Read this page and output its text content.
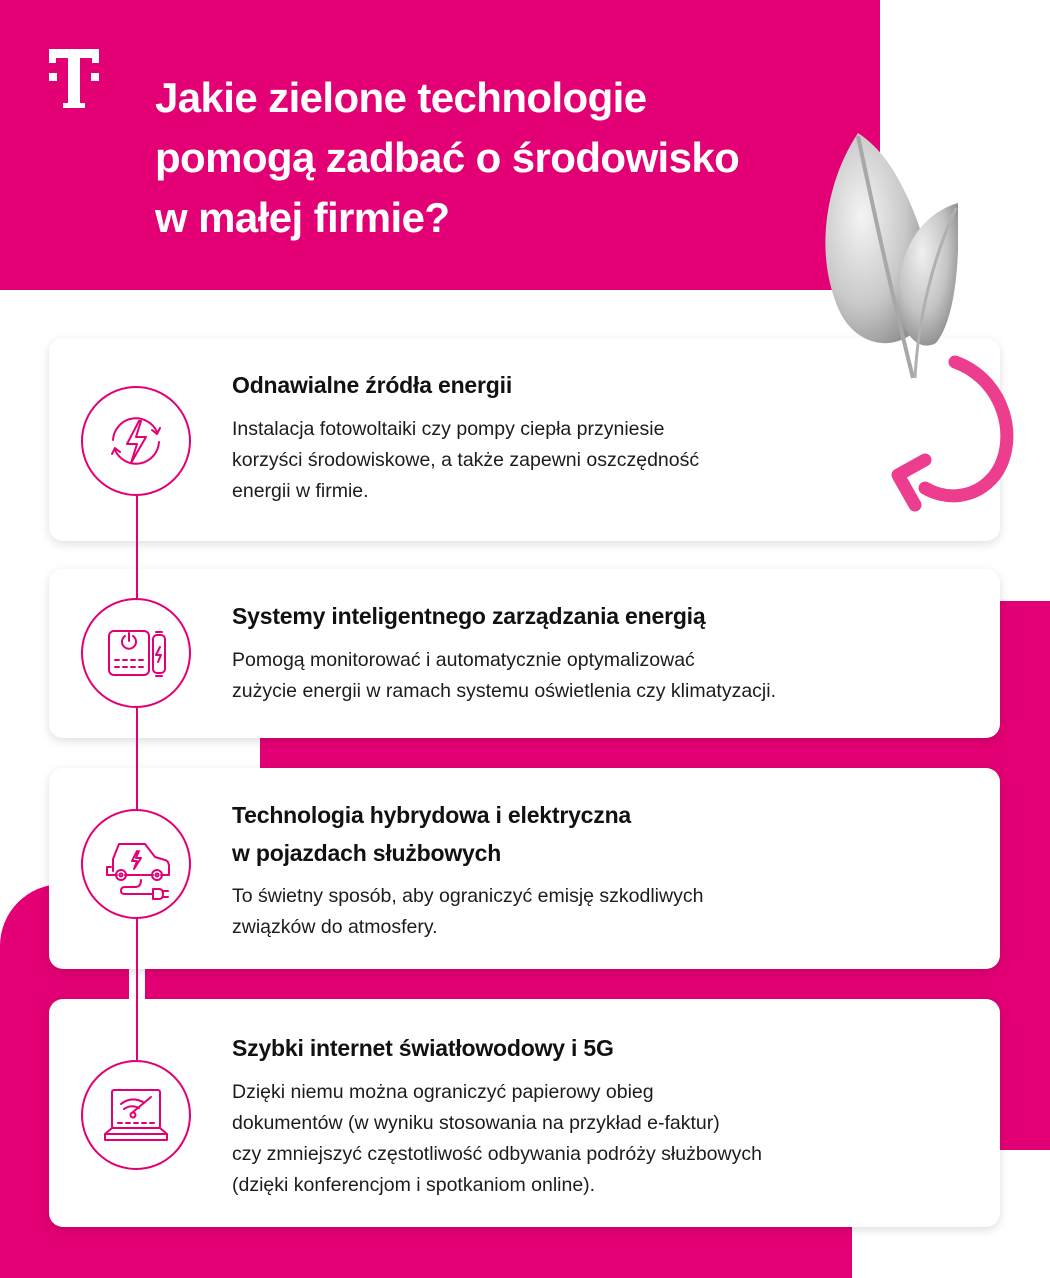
Jakie zielone technologie
pomogą zadbać o środowisko
w małej firmie?
Odnawialne źródła energii
Instalacja fotowoltaiki czy pompy ciepła przyniesie
korzyści środowiskowe, a także zapewni oszczędność
energii w firmie.
Systemy inteligentnego zarządzania energią
Pomogą monitorować i automatycznie optymalizować
zużycie energii w ramach systemu oświetlenia czy klimatyzacji.
Technologia hybrydowa i elektryczna
w pojazdach służbowych
To świetny sposób, aby ograniczyć emisję szkodliwych
związków do atmosfery.
Szybki internet światłowodowy i 5G
Dzięki niemu można ograniczyć papierowy obieg
dokumentów (w wyniku stosowania na przykład e-faktur)
czy zmniejszyć częstotliwość odbywania podróży służbowych
(dzięki konferencjom i spotkaniom online).
